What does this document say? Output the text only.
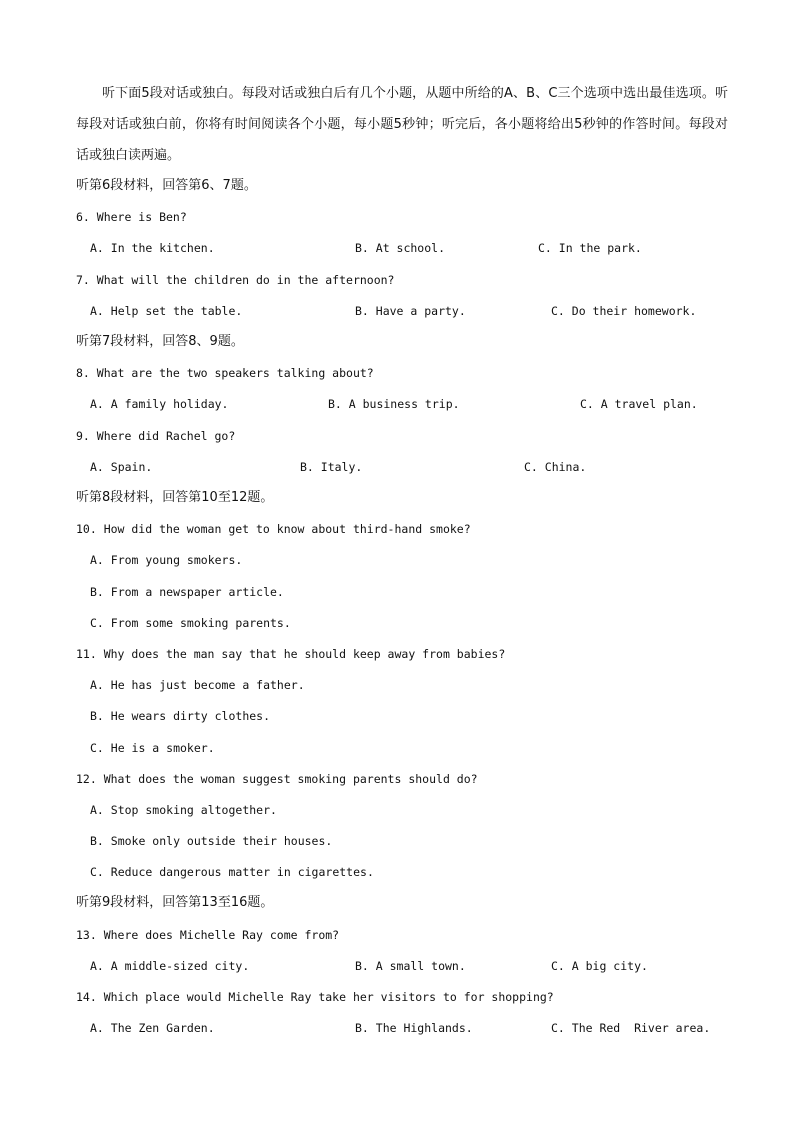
听下面5段对话或独白。每段对话或独白后有几个小题，从题中所给的A、B、C三个选项中选出最佳选项。听每段对话或独白前，你将有时间阅读各个小题，每小题5秒钟；听完后，各小题将给出5秒钟的作答时间。每段对话或独白读两遍。

听第6段材料，回答第6、7题。
6. Where is Ben?
A. In the kitchen.	B. At school.	C. In the park.
7. What will the children do in the afternoon?
A. Help set the table.	B. Have a party.	C. Do their homework.
听第7段材料，回答8、9题。
8. What are the two speakers talking about?
A. A family holiday.	B. A business trip.	C. A travel plan.
9. Where did Rachel go?
A. Spain.	B. Italy.	C. China.
听第8段材料，回答第10至12题。
10. How did the woman get to know about third-hand smoke?
A. From young smokers.
B. From a newspaper article.
C. From some smoking parents.
11. Why does the man say that he should keep away from babies?
A. He has just become a father.
B. He wears dirty clothes.
C. He is a smoker.
12. What does the woman suggest smoking parents should do?
A. Stop smoking altogether.
B. Smoke only outside their houses.
C. Reduce dangerous matter in cigarettes.
听第9段材料，回答第13至16题。
13. Where does Michelle Ray come from?
A. A middle-sized city.	B. A small town.	C. A big city.
14. Which place would Michelle Ray take her visitors to for shopping?
A. The Zen Garden.	B. The Highlands.	C. The Red  River area.
